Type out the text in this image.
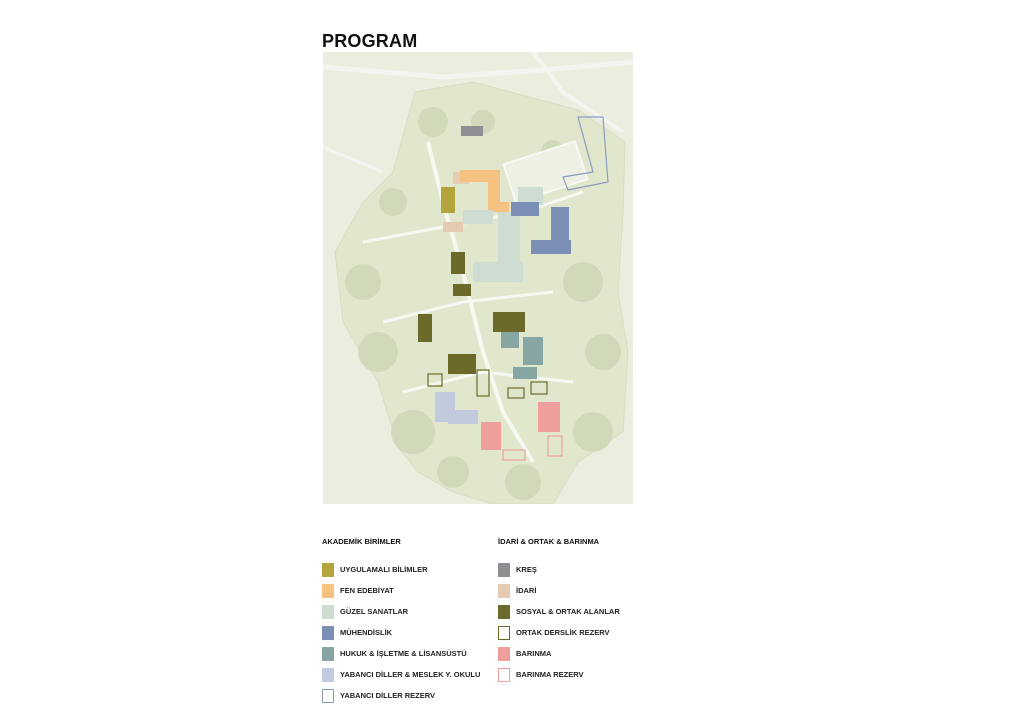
PROGRAM
AKADEMİK BİRİMLER
UYGULAMALI BİLİMLER
FEN EDEBİYAT
GÜZEL SANATLAR
MÜHENDİSLİK
HUKUK & İŞLETME & LİSANSÜSTÜ
YABANCI DİLLER & MESLEK Y. OKULU
YABANCI DİLLER REZERV
İDARİ & ORTAK & BARINMA
KREŞ
İDARİ
SOSYAL & ORTAK ALANLAR
ORTAK DERSLİK REZERV
BARINMA
BARINMA REZERV
